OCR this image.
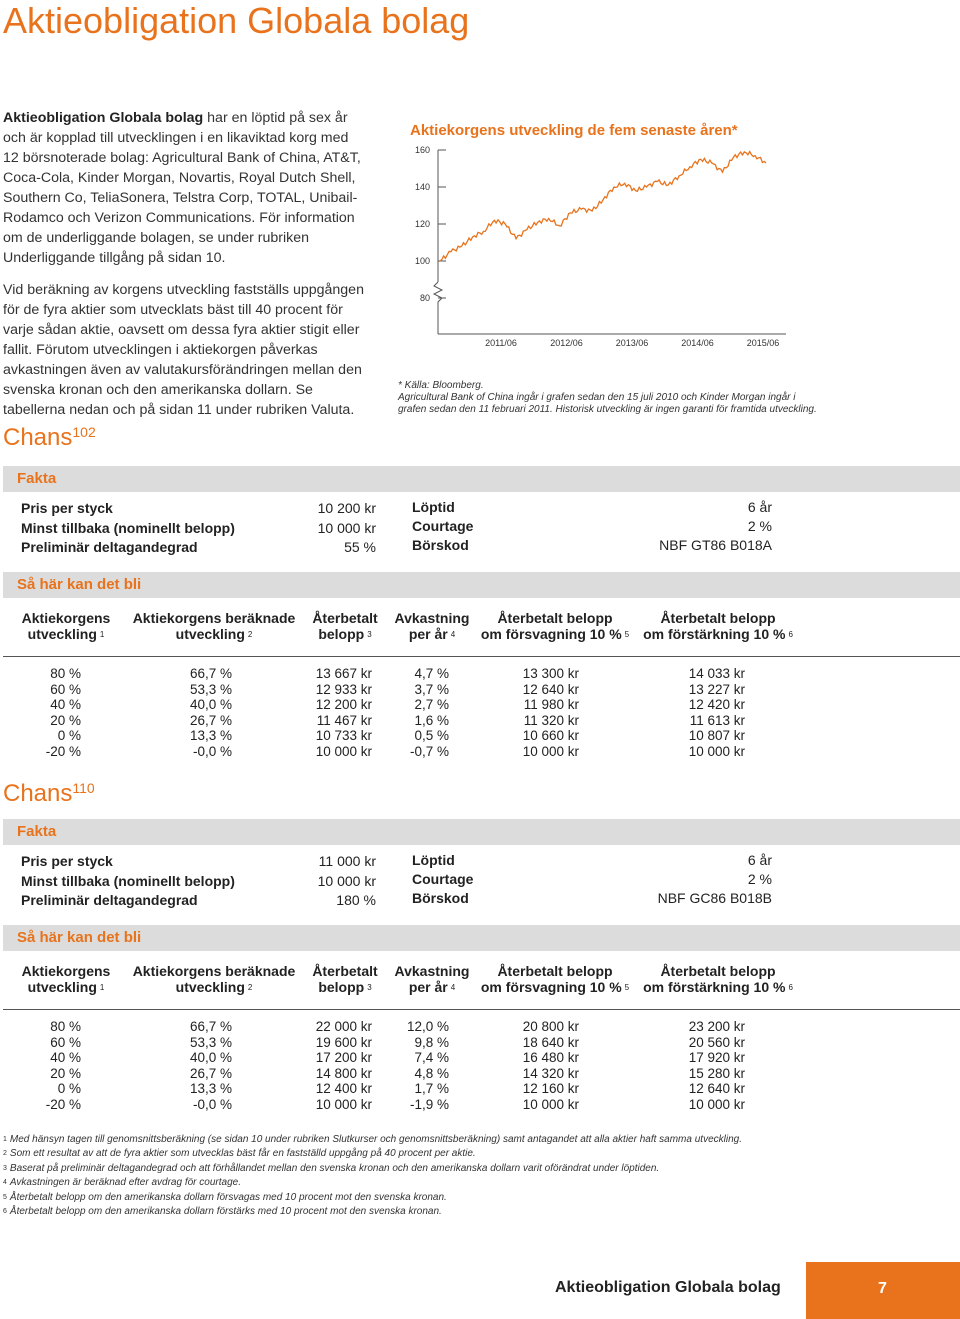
Aktieobligation Globala bolag

Aktieobligation Globala bolag har en löptid på sex år och är kopplad till utvecklingen i en likaviktad korg med 12 börsnoterade bolag: Agricultural Bank of China, AT&T, Coca-Cola, Kinder Morgan, Novartis, Royal Dutch Shell, Southern Co, TeliaSonera, Telstra Corp, TOTAL, Unibail-Rodamco och Verizon Communications. För information om de underliggande bolagen, se under rubriken Underliggande tillgång på sidan 10.

Vid beräkning av korgens utveckling fastställs uppgången för de fyra aktier som utvecklats bäst till 40 procent för varje sådan aktie, oavsett om dessa fyra aktier stigit eller fallit. Förutom utvecklingen i aktiekorgen påverkas avkastningen även av valutakursförändringen mellan den svenska kronan och den amerikanska dollarn. Se tabellerna nedan och på sidan 11 under rubriken Valuta.

Chans$^{102}$
Aktiekorgens utveckling de fem senaste åren*
80
100
120
140
160
2011/06	2012/06	2013/06	2014/06	2015/06
* Källa: Bloomberg.
Agricultural Bank of China ingår i grafen sedan den 15 juli 2010 och Kinder Morgan ingår i grafen sedan den 11 februari 2011. Historisk utveckling är ingen garanti för framtida utveckling.
Fakta
Pris per styck	10 200 kr
Minst tillbaka (nominellt belopp)	10 000 kr
Preliminär deltagandegrad	55 %
Löptid	6 år
Courtage	2 %
Börskod	NBF GT86 B018A
Så här kan det bli
Aktiekorgens
utveckling $^1$
Aktiekorgens beräknade
utveckling $^2$
Återbetalt
belopp $^3$
Avkastning
per år $^4$
Återbetalt belopp
om försvagning 10 % $^5$
Återbetalt belopp
om förstärkning 10 % $^6$
80 %	66,7 %	13 667 kr	4,7 %	13 300 kr	14 033 kr
60 %	53,3 %	12 933 kr	3,7 %	12 640 kr	13 227 kr
40 %	40,0 %	12 200 kr	2,7 %	11 980 kr	12 420 kr
20 %	26,7 %	11 467 kr	1,6 %	11 320 kr	11 613 kr
0 %	13,3 %	10 733 kr	0,5 %	10 660 kr	10 807 kr
-20 %	-0,0 %	10 000 kr	-0,7 %	10 000 kr	10 000 kr
Chans$^{110}$
Fakta
Pris per styck	11 000 kr
Minst tillbaka (nominellt belopp)	10 000 kr
Preliminär deltagandegrad	180 %
Löptid	6 år
Courtage	2 %
Börskod	NBF GC86 B018B
Så här kan det bli
Aktiekorgens
utveckling $^1$
Aktiekorgens beräknade
utveckling $^2$
Återbetalt
belopp $^3$
Avkastning
per år $^4$
Återbetalt belopp
om försvagning 10 % $^5$
Återbetalt belopp
om förstärkning 10 % $^6$
80 %	66,7 %	22 000 kr	12,0 %	20 800 kr	23 200 kr
60 %	53,3 %	19 600 kr	9,8 %	18 640 kr	20 560 kr
40 %	40,0 %	17 200 kr	7,4 %	16 480 kr	17 920 kr
20 %	26,7 %	14 800 kr	4,8 %	14 320 kr	15 280 kr
0 %	13,3 %	12 400 kr	1,7 %	12 160 kr	12 640 kr
-20 %	-0,0 %	10 000 kr	-1,9 %	10 000 kr	10 000 kr
$^1$ Med hänsyn tagen till genomsnittsberäkning (se sidan 10 under rubriken Slutkurser och genomsnittsberäkning) samt antagandet att alla aktier haft samma utveckling.
$^2$ Som ett resultat av att de fyra aktier som utvecklas bäst får en fastställd uppgång på 40 procent per aktie.
$^3$ Baserat på preliminär deltagandegrad och att förhållandet mellan den svenska kronan och den amerikanska dollarn varit oförändrat under löptiden.
$^4$ Avkastningen är beräknad efter avdrag för courtage.
$^5$ Återbetalt belopp om den amerikanska dollarn försvagas med 10 procent mot den svenska kronan.
$^6$ Återbetalt belopp om den amerikanska dollarn förstärks med 10 procent mot den svenska kronan.
Aktieobligation Globala bolag	7
